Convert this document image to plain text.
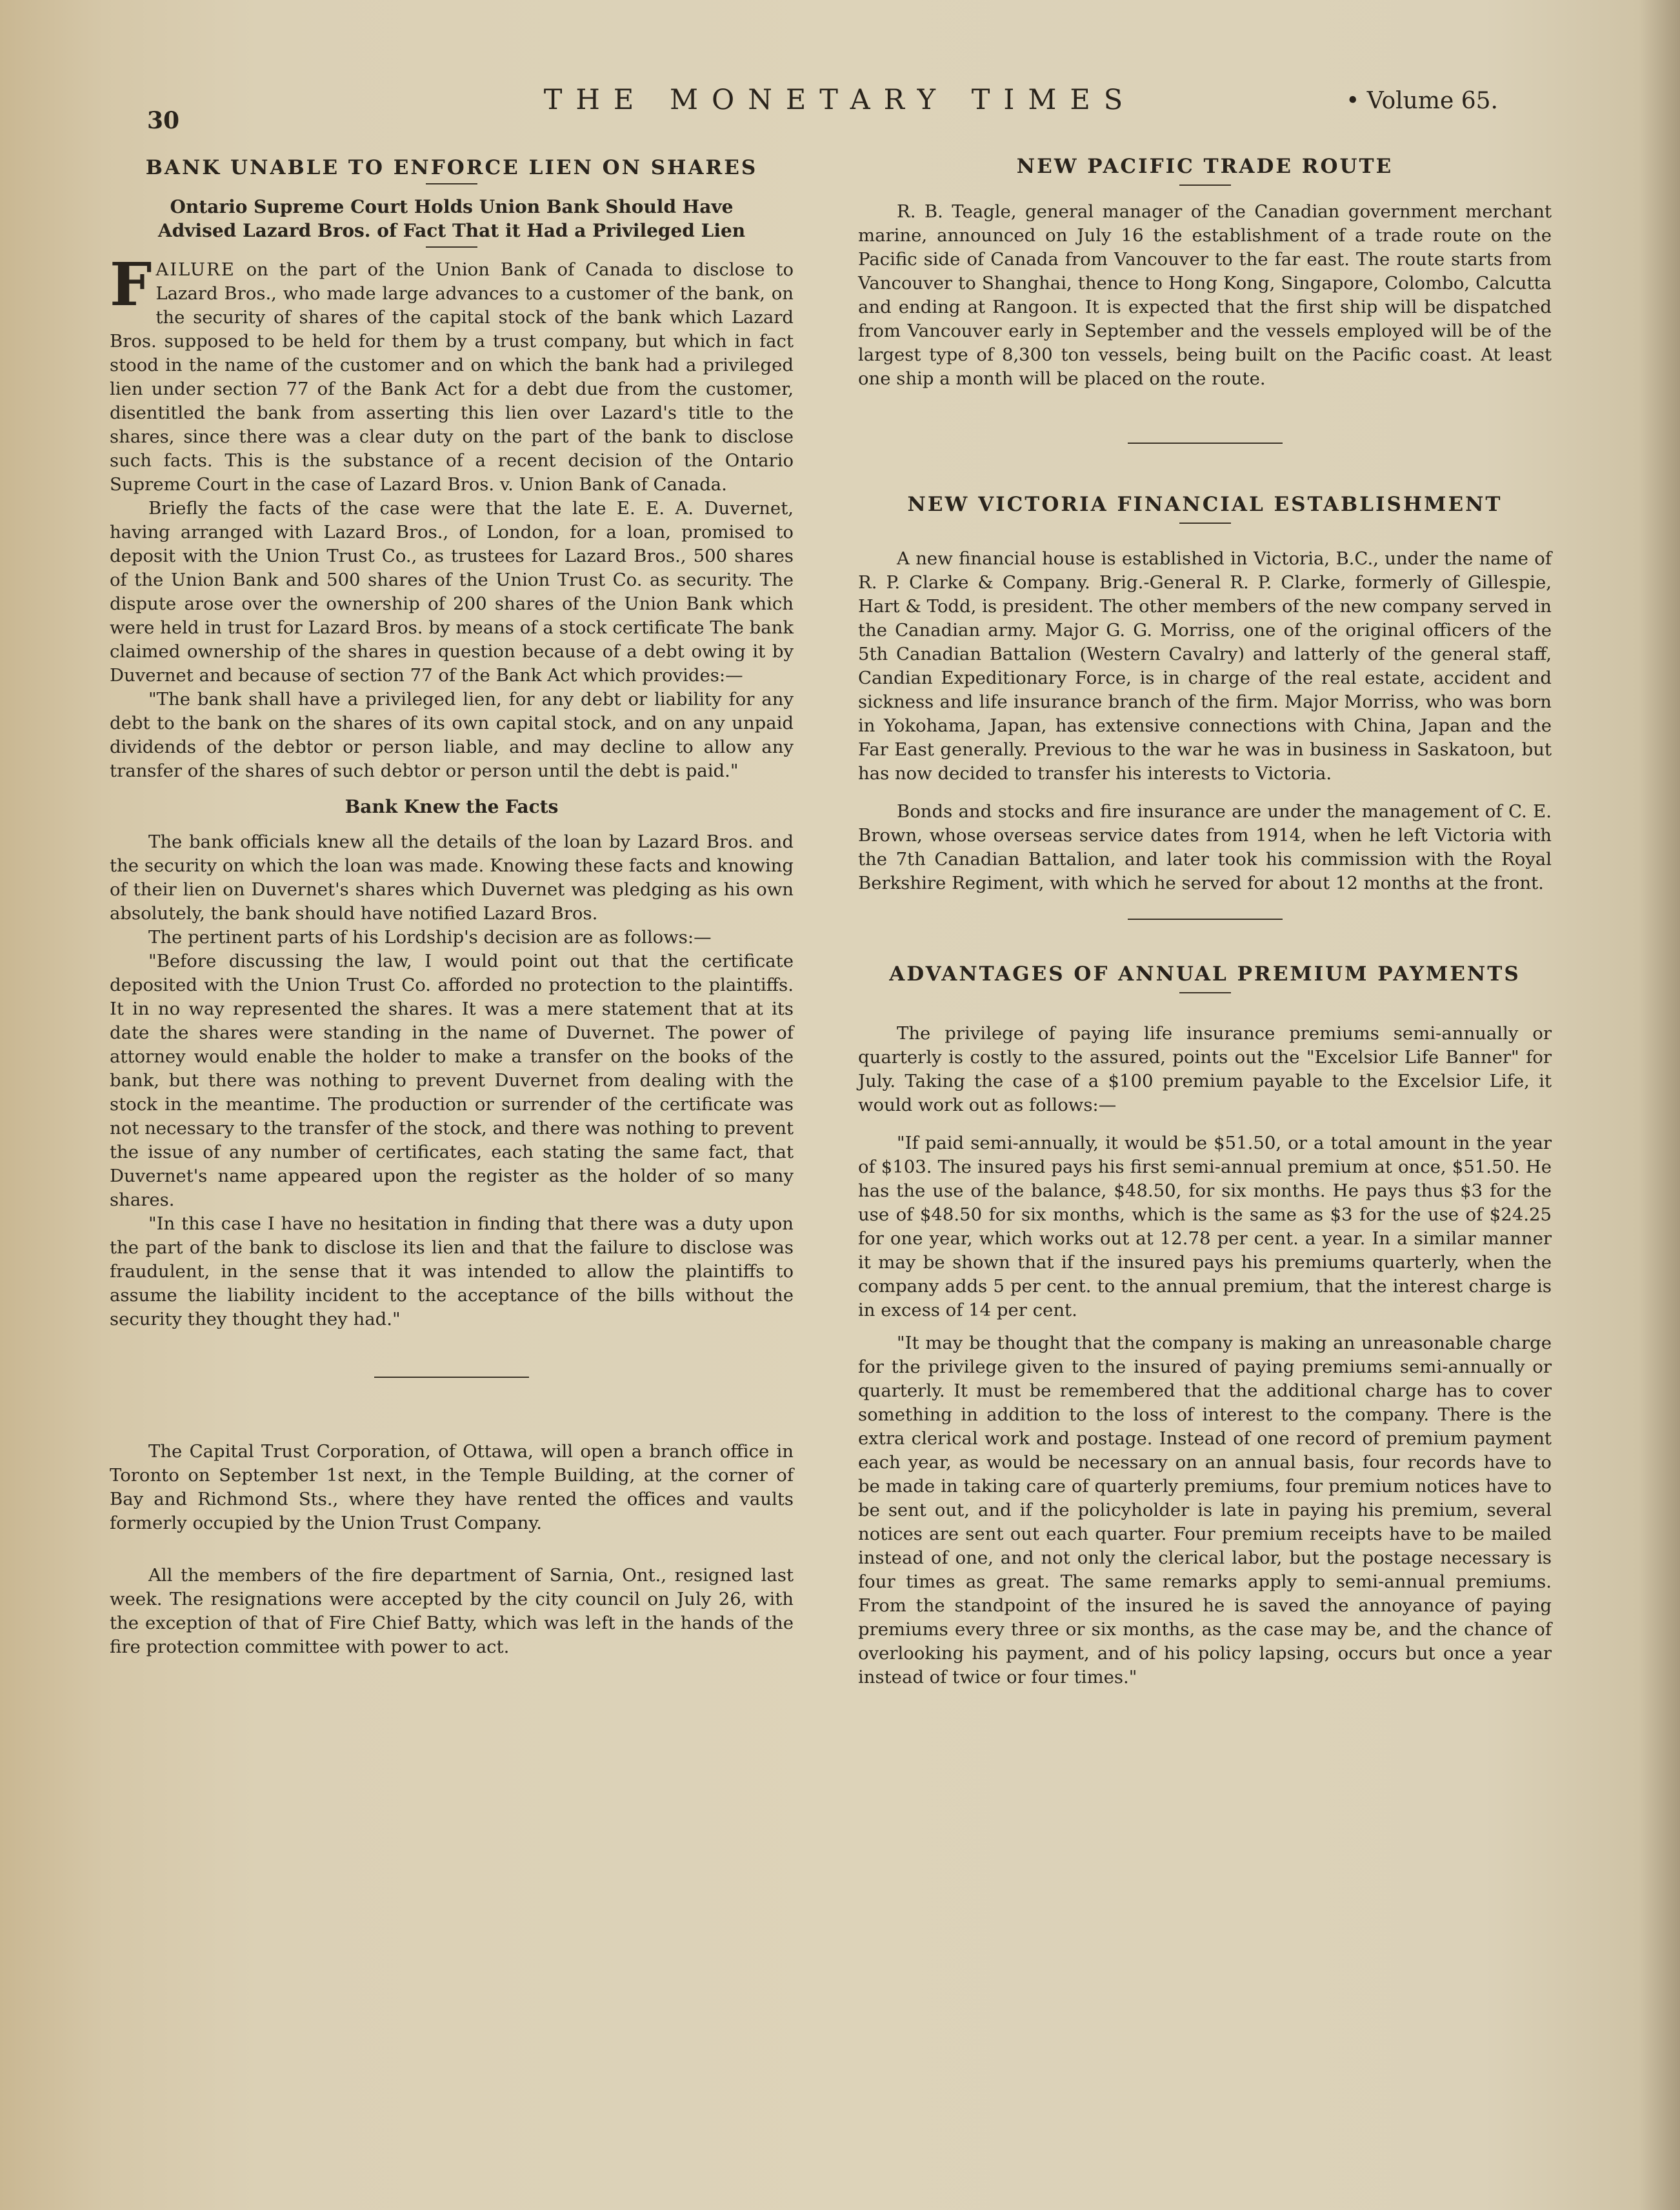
30
THE MONETARY TIMES	• Volume 65.
BANK UNABLE TO ENFORCE LIEN ON SHARES
Ontario Supreme Court Holds Union Bank Should Have Advised Lazard Bros. of Fact That it Had a Privileged Lien

FAILURE on the part of the Union Bank of Canada to disclose to Lazard Bros., who made large advances to a customer of the bank, on the security of shares of the capital stock of the bank which Lazard Bros. supposed to be held for them by a trust company, but which in fact stood in the name of the customer and on which the bank had a privileged lien under section 77 of the Bank Act for a debt due from the customer, disentitled the bank from asserting this lien over Lazard's title to the shares, since there was a clear duty on the part of the bank to disclose such facts. This is the substance of a recent decision of the Ontario Supreme Court in the case of Lazard Bros. v. Union Bank of Canada.

Briefly the facts of the case were that the late E. E. A. Duvernet, having arranged with Lazard Bros., of London, for a loan, promised to deposit with the Union Trust Co., as trustees for Lazard Bros., 500 shares of the Union Bank and 500 shares of the Union Trust Co. as security. The dispute arose over the ownership of 200 shares of the Union Bank which were held in trust for Lazard Bros. by means of a stock certificate The bank claimed ownership of the shares in question because of a debt owing it by Duvernet and because of section 77 of the Bank Act which provides:—

"The bank shall have a privileged lien, for any debt or liability for any debt to the bank on the shares of its own capital stock, and on any unpaid dividends of the debtor or person liable, and may decline to allow any transfer of the shares of such debtor or person until the debt is paid."

Bank Knew the Facts

The bank officials knew all the details of the loan by Lazard Bros. and the security on which the loan was made. Knowing these facts and knowing of their lien on Duvernet's shares which Duvernet was pledging as his own absolutely, the bank should have notified Lazard Bros.

The pertinent parts of his Lordship's decision are as follows:—

"Before discussing the law, I would point out that the certificate deposited with the Union Trust Co. afforded no protection to the plaintiffs. It in no way represented the shares. It was a mere statement that at its date the shares were standing in the name of Duvernet. The power of attorney would enable the holder to make a transfer on the books of the bank, but there was nothing to prevent Duvernet from dealing with the stock in the meantime. The production or surrender of the certificate was not necessary to the transfer of the stock, and there was nothing to prevent the issue of any number of certificates, each stating the same fact, that Duvernet's name appeared upon the register as the holder of so many shares.

"In this case I have no hesitation in finding that there was a duty upon the part of the bank to disclose its lien and that the failure to disclose was fraudulent, in the sense that it was intended to allow the plaintiffs to assume the liability incident to the acceptance of the bills without the security they thought they had."

The Capital Trust Corporation, of Ottawa, will open a branch office in Toronto on September 1st next, in the Temple Building, at the corner of Bay and Richmond Sts., where they have rented the offices and vaults formerly occupied by the Union Trust Company.

All the members of the fire department of Sarnia, Ont., resigned last week. The resignations were accepted by the city council on July 26, with the exception of that of Fire Chief Batty, which was left in the hands of the fire protection committee with power to act.

NEW PACIFIC TRADE ROUTE

R. B. Teagle, general manager of the Canadian government merchant marine, announced on July 16 the establishment of a trade route on the Pacific side of Canada from Vancouver to the far east. The route starts from Vancouver to Shanghai, thence to Hong Kong, Singapore, Colombo, Calcutta and ending at Rangoon. It is expected that the first ship will be dispatched from Vancouver early in September and the vessels employed will be of the largest type of 8,300 ton vessels, being built on the Pacific coast. At least one ship a month will be placed on the route.

NEW VICTORIA FINANCIAL ESTABLISHMENT

A new financial house is established in Victoria, B.C., under the name of R. P. Clarke & Company. Brig.-General R. P. Clarke, formerly of Gillespie, Hart & Todd, is president. The other members of the new company served in the Canadian army. Major G. G. Morriss, one of the original officers of the 5th Canadian Battalion (Western Cavalry) and latterly of the general staff, Candian Expeditionary Force, is in charge of the real estate, accident and sickness and life insurance branch of the firm. Major Morriss, who was born in Yokohama, Japan, has extensive connections with China, Japan and the Far East generally. Previous to the war he was in business in Saskatoon, but has now decided to transfer his interests to Victoria.

Bonds and stocks and fire insurance are under the management of C. E. Brown, whose overseas service dates from 1914, when he left Victoria with the 7th Canadian Battalion, and later took his commission with the Royal Berkshire Regiment, with which he served for about 12 months at the front.

ADVANTAGES OF ANNUAL PREMIUM PAYMENTS

The privilege of paying life insurance premiums semi-annually or quarterly is costly to the assured, points out the "Excelsior Life Banner" for July. Taking the case of a $100 premium payable to the Excelsior Life, it would work out as follows:—

"If paid semi-annually, it would be $51.50, or a total amount in the year of $103. The insured pays his first semi-annual premium at once, $51.50. He has the use of the balance, $48.50, for six months. He pays thus $3 for the use of $48.50 for six months, which is the same as $3 for the use of $24.25 for one year, which works out at 12.78 per cent. a year. In a similar manner it may be shown that if the insured pays his premiums quarterly, when the company adds 5 per cent. to the annual premium, that the interest charge is in excess of 14 per cent.

"It may be thought that the company is making an unreasonable charge for the privilege given to the insured of paying premiums semi-annually or quarterly. It must be remembered that the additional charge has to cover something in addition to the loss of interest to the company. There is the extra clerical work and postage. Instead of one record of premium payment each year, as would be necessary on an annual basis, four records have to be made in taking care of quarterly premiums, four premium notices have to be sent out, and if the policyholder is late in paying his premium, several notices are sent out each quarter. Four premium receipts have to be mailed instead of one, and not only the clerical labor, but the postage necessary is four times as great. The same remarks apply to semi-annual premiums. From the standpoint of the insured he is saved the annoyance of paying premiums every three or six months, as the case may be, and the chance of overlooking his payment, and of his policy lapsing, occurs but once a year instead of twice or four times."
